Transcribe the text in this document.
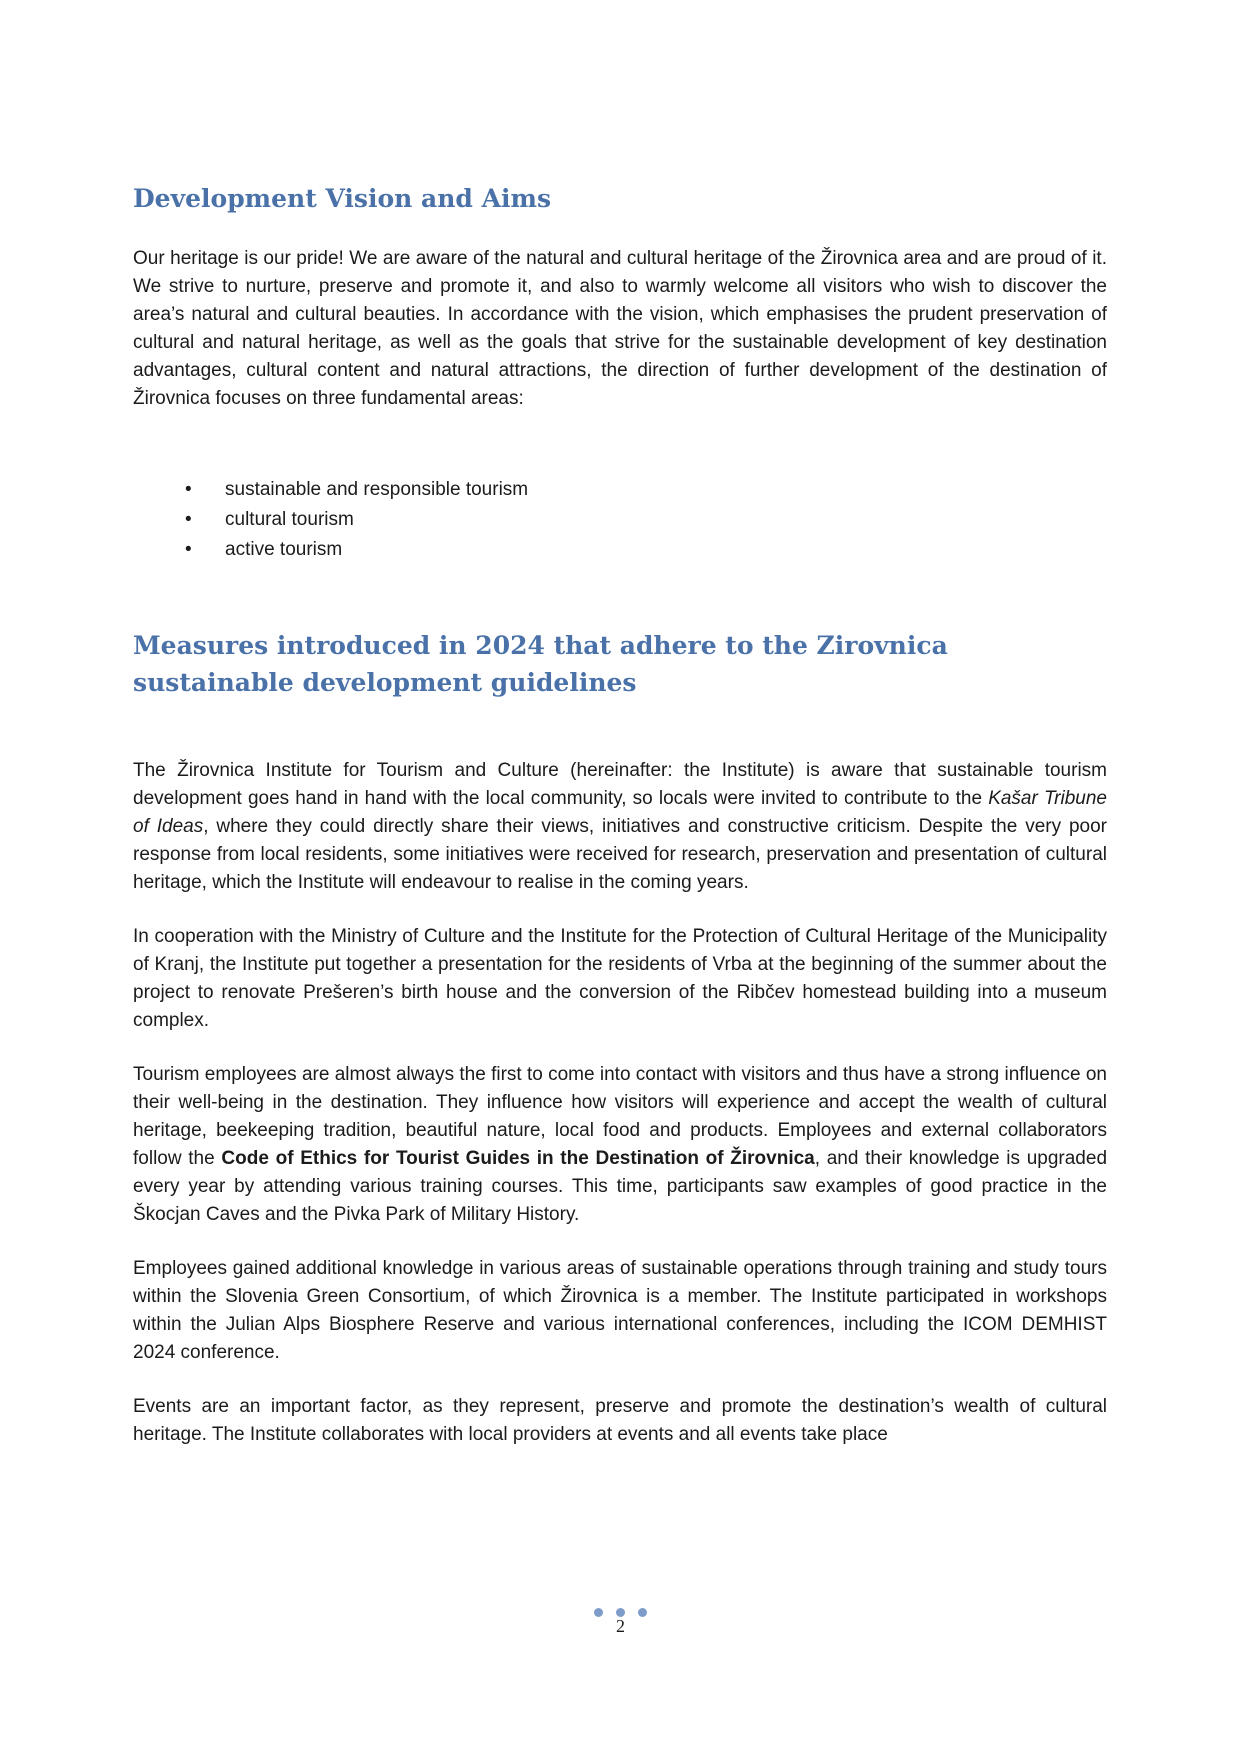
Development Vision and Aims

Our heritage is our pride! We are aware of the natural and cultural heritage of the Žirovnica area and are proud of it. We strive to nurture, preserve and promote it, and also to warmly welcome all visitors who wish to discover the area’s natural and cultural beauties. In accordance with the vision, which emphasises the prudent preservation of cultural and natural heritage, as well as the goals that strive for the sustainable development of key destination advantages, cultural content and natural attractions, the direction of further development of the destination of Žirovnica focuses on three fundamental areas:

• sustainable and responsible tourism
• cultural tourism
• active tourism
Measures introduced in 2024 that adhere to the Zirovnica sustainable development guidelines

The Žirovnica Institute for Tourism and Culture (hereinafter: the Institute) is aware that sustainable tourism development goes hand in hand with the local community, so locals were invited to contribute to the Kašar Tribune of Ideas, where they could directly share their views, initiatives and constructive criticism. Despite the very poor response from local residents, some initiatives were received for research, preservation and presentation of cultural heritage, which the Institute will endeavour to realise in the coming years.

In cooperation with the Ministry of Culture and the Institute for the Protection of Cultural Heritage of the Municipality of Kranj, the Institute put together a presentation for the residents of Vrba at the beginning of the summer about the project to renovate Prešeren’s birth house and the conversion of the Ribčev homestead building into a museum complex.

Tourism employees are almost always the first to come into contact with visitors and thus have a strong influence on their well-being in the destination. They influence how visitors will experience and accept the wealth of cultural heritage, beekeeping tradition, beautiful nature, local food and products. Employees and external collaborators follow the Code of Ethics for Tourist Guides in the Destination of Žirovnica, and their knowledge is upgraded every year by attending various training courses. This time, participants saw examples of good practice in the Škocjan Caves and the Pivka Park of Military History.

Employees gained additional knowledge in various areas of sustainable operations through training and study tours within the Slovenia Green Consortium, of which Žirovnica is a member. The Institute participated in workshops within the Julian Alps Biosphere Reserve and various international conferences, including the ICOM DEMHIST 2024 conference.

Events are an important factor, as they represent, preserve and promote the destination’s wealth of cultural heritage. The Institute collaborates with local providers at events and all events take place

2
